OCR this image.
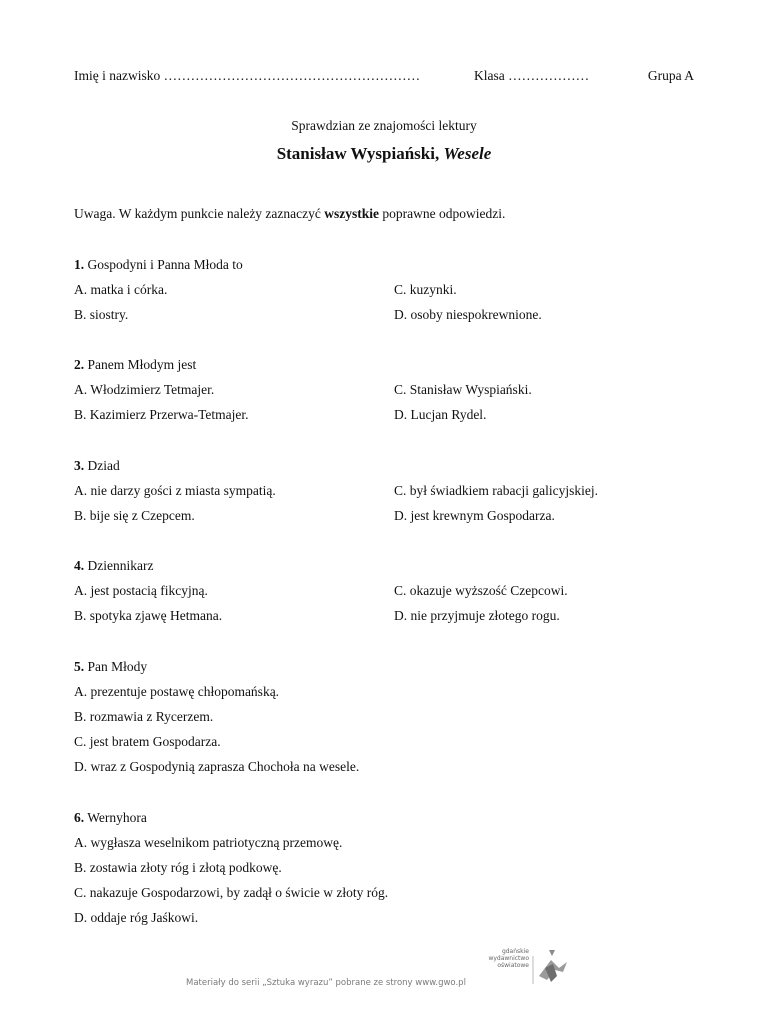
Imię i nazwisko …………………………………………………	Klasa ………………	Grupa A
Sprawdzian ze znajomości lektury
Stanisław Wyspiański, Wesele
Uwaga. W każdym punkcie należy zaznaczyć wszystkie poprawne odpowiedzi.
1. Gospodyni i Panna Młoda to
A. matka i córka.	C. kuzynki.
B. siostry.	D. osoby niespokrewnione.
2. Panem Młodym jest
A. Włodzimierz Tetmajer.	C. Stanisław Wyspiański.
B. Kazimierz Przerwa-Tetmajer.	D. Lucjan Rydel.
3. Dziad
A. nie darzy gości z miasta sympatią.	C. był świadkiem rabacji galicyjskiej.
B. bije się z Czepcem.	D. jest krewnym Gospodarza.
4. Dziennikarz
A. jest postacią fikcyjną.	C. okazuje wyższość Czepcowi.
B. spotyka zjawę Hetmana.	D. nie przyjmuje złotego rogu.
5. Pan Młody
A. prezentuje postawę chłopomańską.
B. rozmawia z Rycerzem.
C. jest bratem Gospodarza.
D. wraz z Gospodynią zaprasza Chochoła na wesele.
6. Wernyhora
A. wygłasza weselnikom patriotyczną przemowę.
B. zostawia złoty róg i złotą podkowę.
C. nakazuje Gospodarzowi, by zadął o świcie w złoty róg.
D. oddaje róg Jaśkowi.
Materiały do serii „Sztuka wyrazu” pobrane ze strony www.gwo.pl
gdańskie
wydawnictwo
oświatowe
